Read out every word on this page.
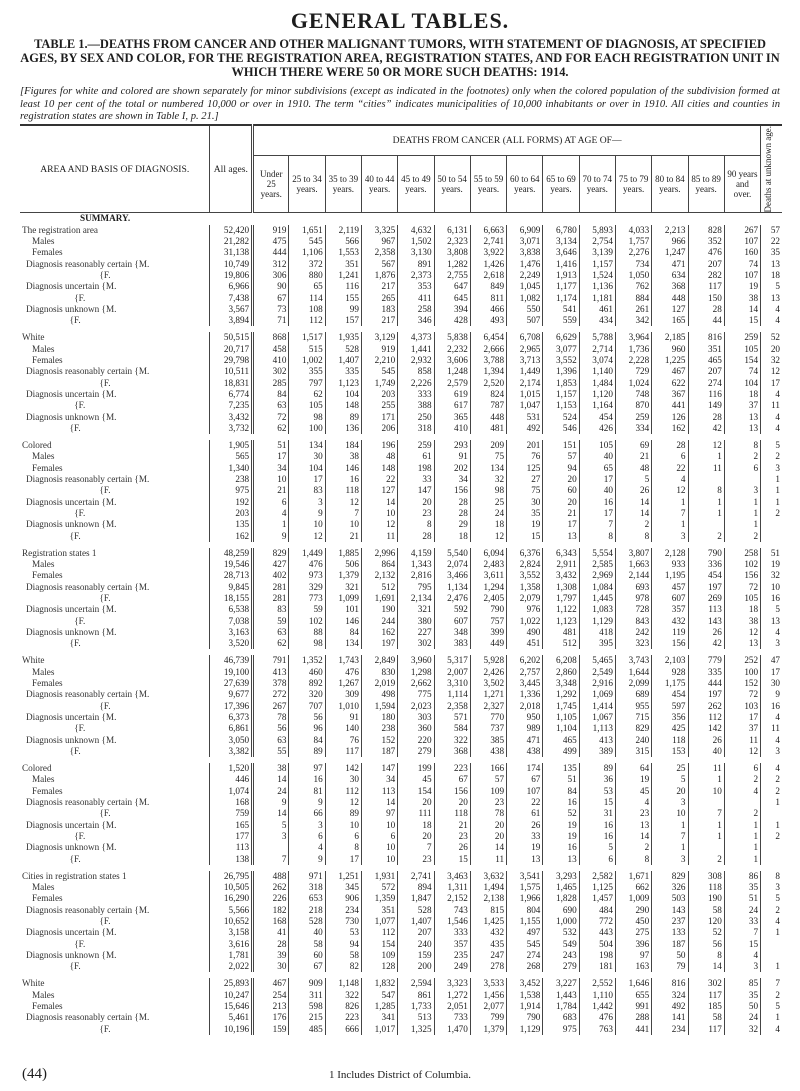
GENERAL TABLES.
TABLE 1.—DEATHS FROM CANCER AND OTHER MALIGNANT TUMORS, WITH STATEMENT OF DIAGNOSIS, AT SPECIFIED AGES, BY SEX AND COLOR, FOR THE REGISTRATION AREA, REGISTRATION STATES, AND FOR EACH REGISTRATION UNIT IN WHICH THERE WERE 50 OR MORE SUCH DEATHS: 1914.
[Figures for white and colored are shown separately for minor subdivisions (except as indicated in the footnotes) only when the colored population of the subdivision formed at least 10 per cent of the total or numbered 10,000 or over in 1910. The term “cities” indicates municipalities of 10,000 inhabitants or over in 1910. All cities and counties in registration states are shown in Table I, p. 21.]
AREA AND BASIS OF DIAGNOSIS.	All ages.	DEATHS FROM CANCER (ALL FORMS) AT AGE OF—														Deaths at unknown age.

		Under 25 years.	25 to 34 years.	35 to 39 years.	40 to 44 years.	45 to 49 years.	50 to 54 years.	55 to 59 years.	60 to 64 years.	65 to 69 years.	70 to 74 years.	75 to 79 years.	80 to 84 years.	85 to 89 years.	90 years and over.	
SUMMARY.																
The registration area	52,420	919	1,651	2,119	3,325	4,632	6,131	6,663	6,909	6,780	5,893	4,033	2,213	828	267	57
Males	21,282	475	545	566	967	1,502	2,323	2,741	3,071	3,134	2,754	1,757	966	352	107	22
Females	31,138	444	1,106	1,553	2,358	3,130	3,808	3,922	3,838	3,646	3,139	2,276	1,247	476	160	35
Diagnosis reasonably certain {M.	10,749	312	372	351	567	891	1,282	1,426	1,476	1,416	1,157	734	471	207	74	13
{F.	19,806	306	880	1,241	1,876	2,373	2,755	2,618	2,249	1,913	1,524	1,050	634	282	107	18
Diagnosis uncertain {M.	6,966	90	65	116	217	353	647	849	1,045	1,177	1,136	762	368	117	19	5
{F.	7,438	67	114	155	265	411	645	811	1,082	1,174	1,181	884	448	150	38	13
Diagnosis unknown {M.	3,567	73	108	99	183	258	394	466	550	541	461	261	127	28	14	4
{F.	3,894	71	112	157	217	346	428	493	507	559	434	342	165	44	15	4

White	50,515	868	1,517	1,935	3,129	4,373	5,838	6,454	6,708	6,629	5,788	3,964	2,185	816	259	52
Males	20,717	458	515	528	919	1,441	2,232	2,666	2,965	3,077	2,714	1,736	960	351	105	20
Females	29,798	410	1,002	1,407	2,210	2,932	3,606	3,788	3,713	3,552	3,074	2,228	1,225	465	154	32
Diagnosis reasonably certain {M.	10,511	302	355	335	545	858	1,248	1,394	1,449	1,396	1,140	729	467	207	74	12
{F.	18,831	285	797	1,123	1,749	2,226	2,579	2,520	2,174	1,853	1,484	1,024	622	274	104	17
Diagnosis uncertain {M.	6,774	84	62	104	203	333	619	824	1,015	1,157	1,120	748	367	116	18	4
{F.	7,235	63	105	148	255	388	617	787	1,047	1,153	1,164	870	441	149	37	11
Diagnosis unknown {M.	3,432	72	98	89	171	250	365	448	531	524	454	259	126	28	13	4
{F.	3,732	62	100	136	206	318	410	481	492	546	426	334	162	42	13	4

Colored	1,905	51	134	184	196	259	293	209	201	151	105	69	28	12	8	5
Males	565	17	30	38	48	61	91	75	76	57	40	21	6	1	2	2
Females	1,340	34	104	146	148	198	202	134	125	94	65	48	22	11	6	3
Diagnosis reasonably certain {M.	238	10	17	16	22	33	34	32	27	20	17	5	4			1
{F.	975	21	83	118	127	147	156	98	75	60	40	26	12	8	3	1
Diagnosis uncertain {M.	192	6	3	12	14	20	28	25	30	20	16	14	1	1	1	1
{F.	203	4	9	7	10	23	28	24	35	21	17	14	7	1	1	2
Diagnosis unknown {M.	135	1	10	10	12	8	29	18	19	17	7	2	1		1	
{F.	162	9	12	21	11	28	18	12	15	13	8	8	3	2	2	

Registration states 1	48,259	829	1,449	1,885	2,996	4,159	5,540	6,094	6,376	6,343	5,554	3,807	2,128	790	258	51
Males	19,546	427	476	506	864	1,343	2,074	2,483	2,824	2,911	2,585	1,663	933	336	102	19
Females	28,713	402	973	1,379	2,132	2,816	3,466	3,611	3,552	3,432	2,969	2,144	1,195	454	156	32
Diagnosis reasonably certain {M.	9,845	281	329	321	512	795	1,134	1,294	1,358	1,308	1,084	693	457	197	72	10
{F.	18,155	281	773	1,099	1,691	2,134	2,476	2,405	2,079	1,797	1,445	978	607	269	105	16
Diagnosis uncertain {M.	6,538	83	59	101	190	321	592	790	976	1,122	1,083	728	357	113	18	5
{F.	7,038	59	102	146	244	380	607	757	1,022	1,123	1,129	843	432	143	38	13
Diagnosis unknown {M.	3,163	63	88	84	162	227	348	399	490	481	418	242	119	26	12	4
{F.	3,520	62	98	134	197	302	383	449	451	512	395	323	156	42	13	3

White	46,739	791	1,352	1,743	2,849	3,960	5,317	5,928	6,202	6,208	5,465	3,743	2,103	779	252	47
Males	19,100	413	460	476	830	1,298	2,007	2,426	2,757	2,860	2,549	1,644	928	335	100	17
Females	27,639	378	892	1,267	2,019	2,662	3,310	3,502	3,445	3,348	2,916	2,099	1,175	444	152	30
Diagnosis reasonably certain {M.	9,677	272	320	309	498	775	1,114	1,271	1,336	1,292	1,069	689	454	197	72	9
{F.	17,396	267	707	1,010	1,594	2,023	2,358	2,327	2,018	1,745	1,414	955	597	262	103	16
Diagnosis uncertain {M.	6,373	78	56	91	180	303	571	770	950	1,105	1,067	715	356	112	17	4
{F.	6,861	56	96	140	238	360	584	737	989	1,104	1,113	829	425	142	37	11
Diagnosis unknown {M.	3,050	63	84	76	152	220	322	385	471	465	413	240	118	26	11	4
{F.	3,382	55	89	117	187	279	368	438	438	499	389	315	153	40	12	3

Colored	1,520	38	97	142	147	199	223	166	174	135	89	64	25	11	6	4
Males	446	14	16	30	34	45	67	57	67	51	36	19	5	1	2	2
Females	1,074	24	81	112	113	154	156	109	107	84	53	45	20	10	4	2
Diagnosis reasonably certain {M.	168	9	9	12	14	20	20	23	22	16	15	4	3			1
{F.	759	14	66	89	97	111	118	78	61	52	31	23	10	7	2	
Diagnosis uncertain {M.	165	5	3	10	10	18	21	20	26	19	16	13	1	1	1	1
{F.	177	3	6	6	6	20	23	20	33	19	16	14	7	1	1	2
Diagnosis unknown {M.	113		4	8	10	7	26	14	19	16	5	2	1		1	
{F.	138	7	9	17	10	23	15	11	13	13	6	8	3	2	1	

Cities in registration states 1	26,795	488	971	1,251	1,931	2,741	3,463	3,632	3,541	3,293	2,582	1,671	829	308	86	8
Males	10,505	262	318	345	572	894	1,311	1,494	1,575	1,465	1,125	662	326	118	35	3
Females	16,290	226	653	906	1,359	1,847	2,152	2,138	1,966	1,828	1,457	1,009	503	190	51	5
Diagnosis reasonably certain {M.	5,566	182	218	234	351	528	743	815	804	690	484	290	143	58	24	2
{F.	10,652	168	528	730	1,077	1,407	1,546	1,425	1,155	1,000	772	450	237	120	33	4
Diagnosis uncertain {M.	3,158	41	40	53	112	207	333	432	497	532	443	275	133	52	7	1
{F.	3,616	28	58	94	154	240	357	435	545	549	504	396	187	56	15	
Diagnosis unknown {M.	1,781	39	60	58	109	159	235	247	274	243	198	97	50	8	4	
{F.	2,022	30	67	82	128	200	249	278	268	279	181	163	79	14	3	1

White	25,893	467	909	1,148	1,832	2,594	3,323	3,533	3,452	3,227	2,552	1,646	816	302	85	7
Males	10,247	254	311	322	547	861	1,272	1,456	1,538	1,443	1,110	655	324	117	35	2
Females	15,646	213	598	826	1,285	1,733	2,051	2,077	1,914	1,784	1,442	991	492	185	50	5
Diagnosis reasonably certain {M.	5,461	176	215	223	341	513	733	799	790	683	476	288	141	58	24	1
{F.	10,196	159	485	666	1,017	1,325	1,470	1,379	1,129	975	763	441	234	117	32	4
(44)	1 Includes District of Columbia.
